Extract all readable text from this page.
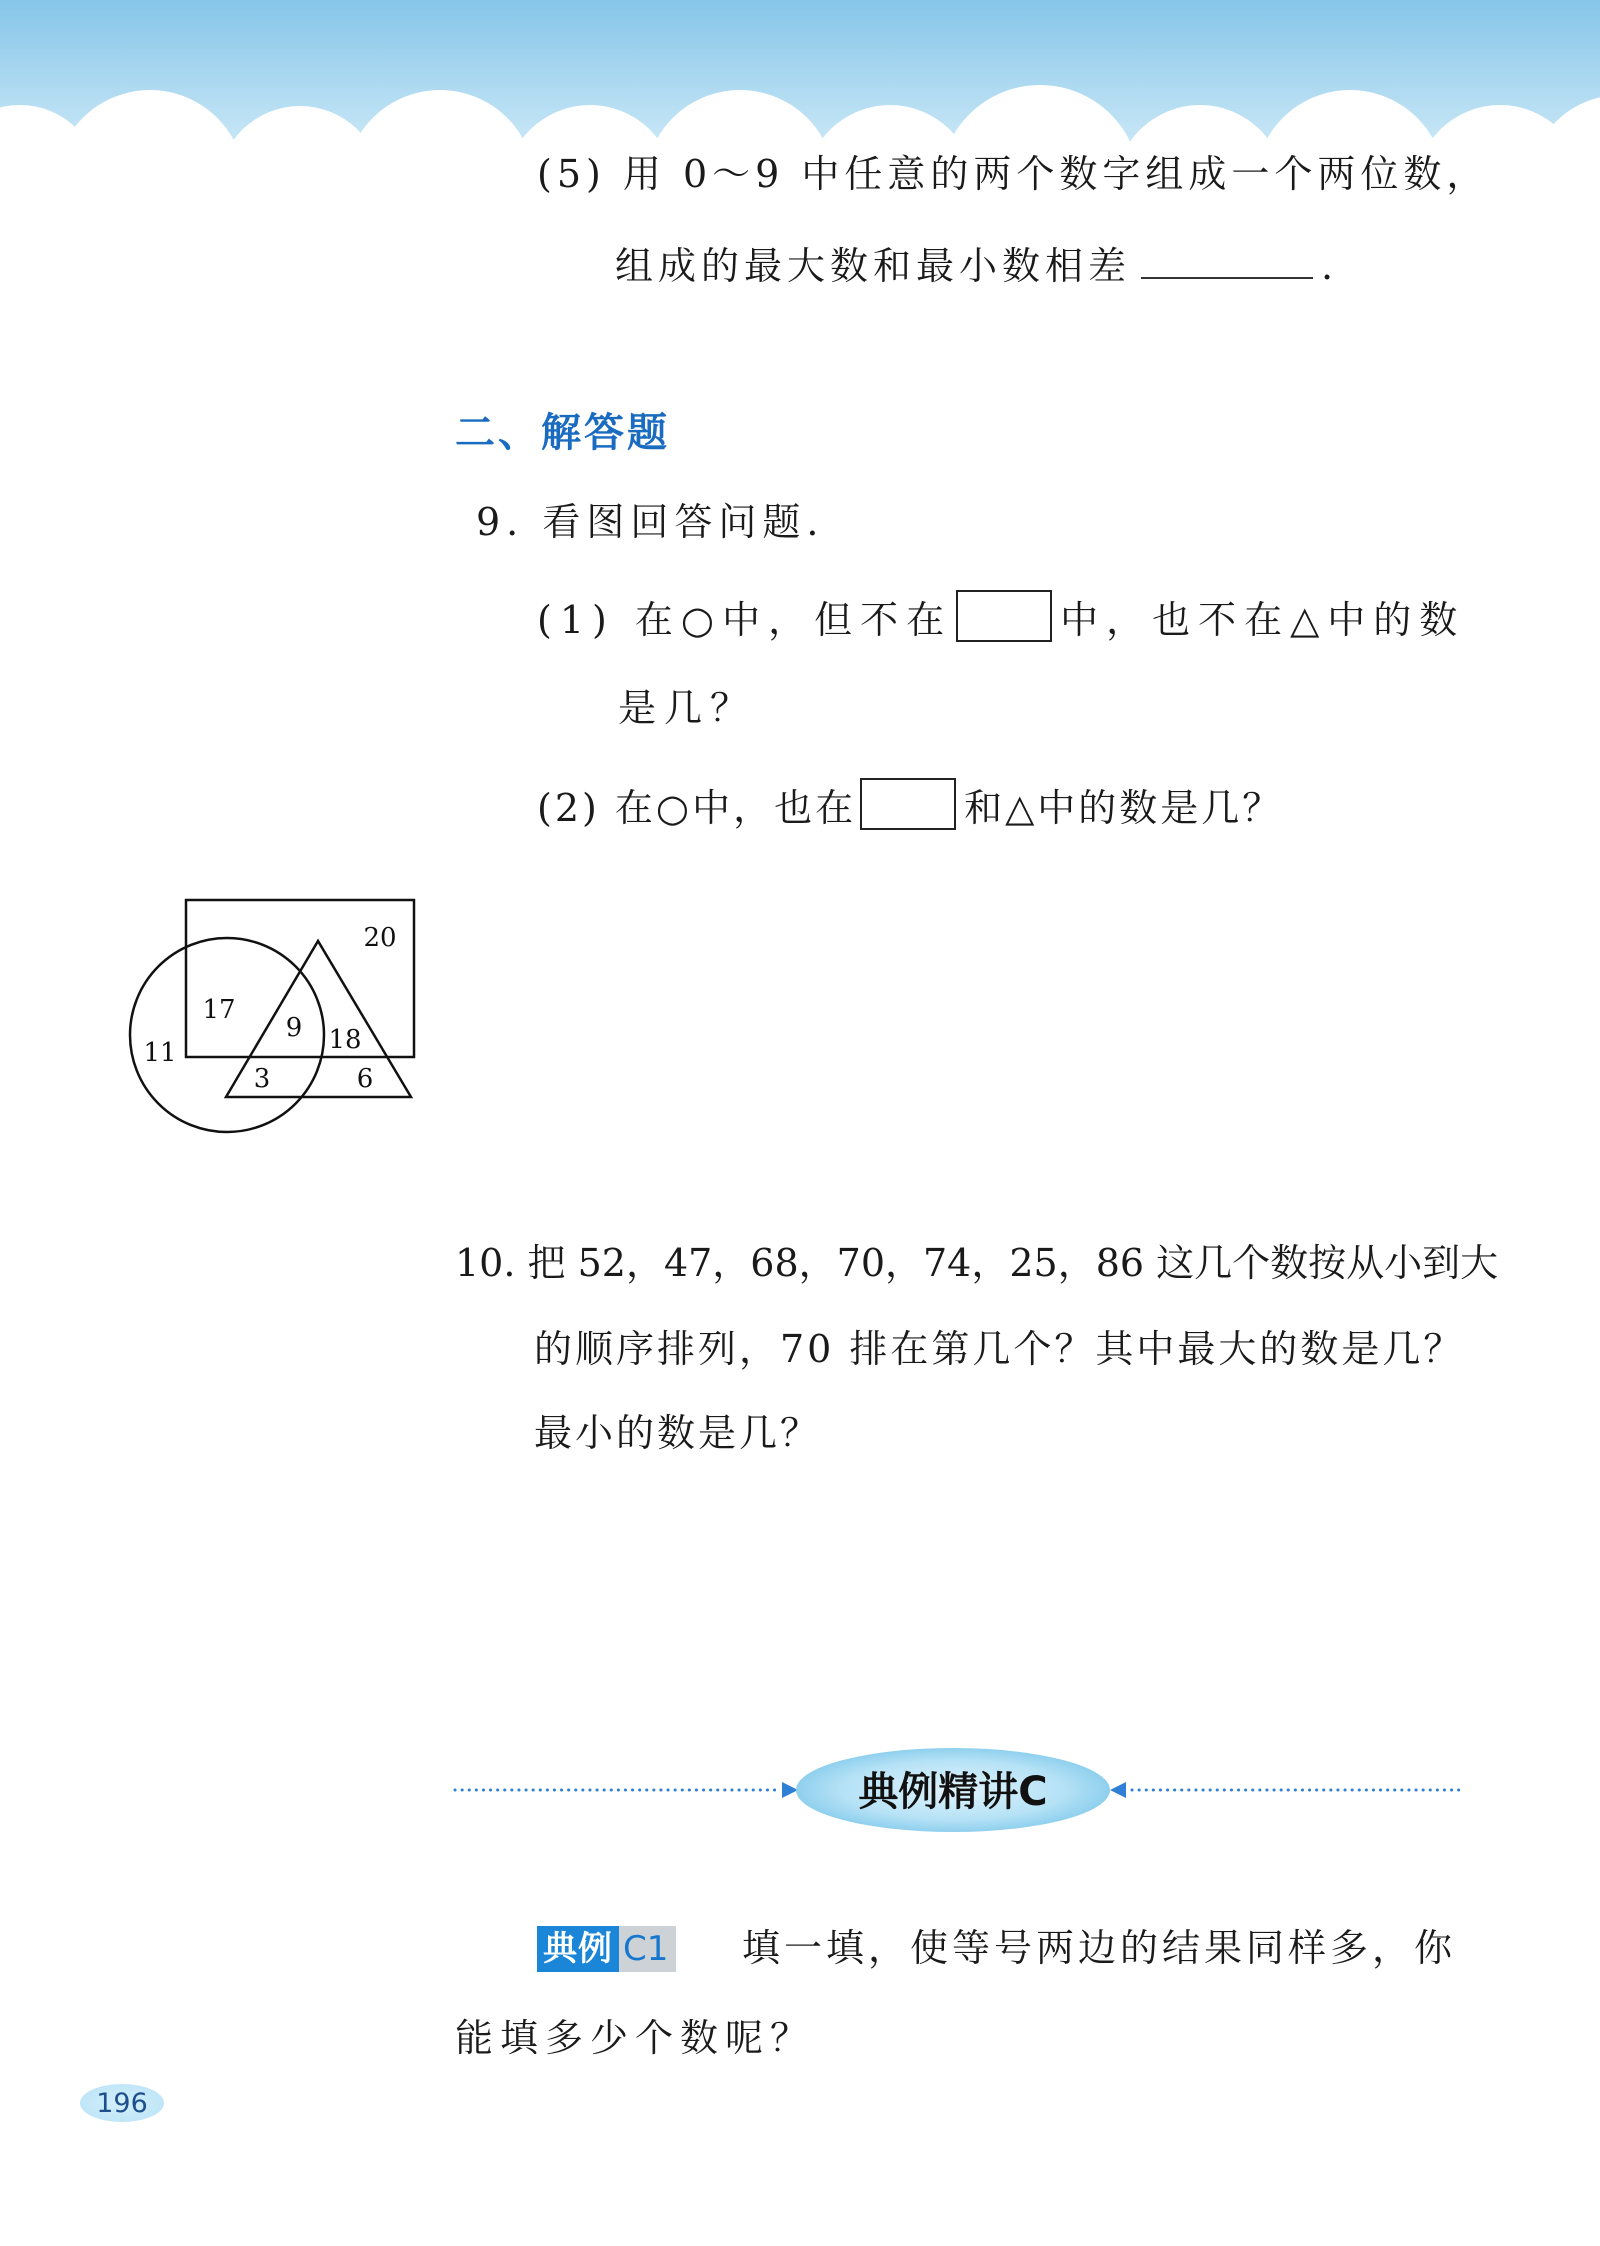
(5) 用 0～9 中任意的两个数字组成一个两位数，
组成的最大数和最小数相差	.
二、解答题
9. 看图回答问题.
(1) 在○中，但不在	中，也不在△中的数
是几？
(2) 在○中，也在	和△中的数是几？
20
17
9 18
11
3	6
10. 把 52，47，68，70，74，25，86 这几个数按从小到大
的顺序排列，70 排在第几个？其中最大的数是几？
最小的数是几？
典例精讲C
典例 C1 填一填，使等号两边的结果同样多，你
能填多少个数呢？
196
